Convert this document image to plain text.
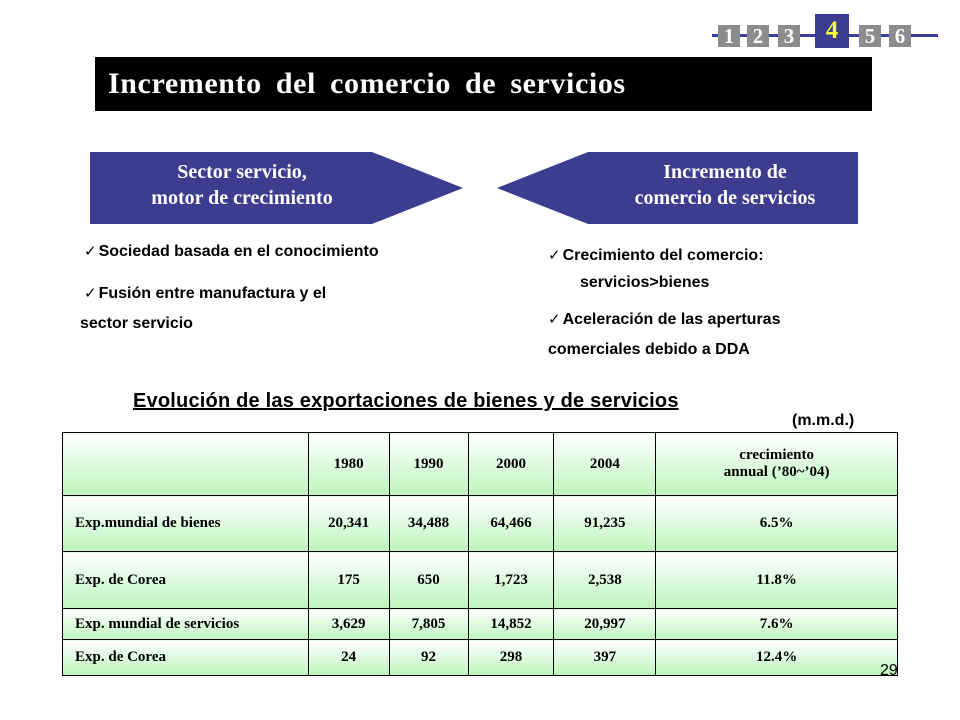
1 2 3	4	5 6
Incremento del comercio de servicios
Sector servicio,
motor de crecimiento
Incremento de
comercio de servicios
✓ Sociedad basada en el conocimiento
✓ Fusión entre manufactura y el
sector servicio
✓ Crecimiento del comercio:
servicios>bienes
✓ Aceleración de las aperturas
comerciales debido a DDA
Evolución de las exportaciones de bienes y de servicios
(m.m.d.)
	1980	1990	2000	2004	crecimiento
annual (’80~’04)

Exp.mundial de bienes	20,341	34,488	64,466	91,235	6.5%
Exp. de Corea	175	650	1,723	2,538	11.8%
Exp. mundial de servicios	3,629	7,805	14,852	20,997	7.6%
Exp. de Corea	24	92	298	397	12.4%
29
